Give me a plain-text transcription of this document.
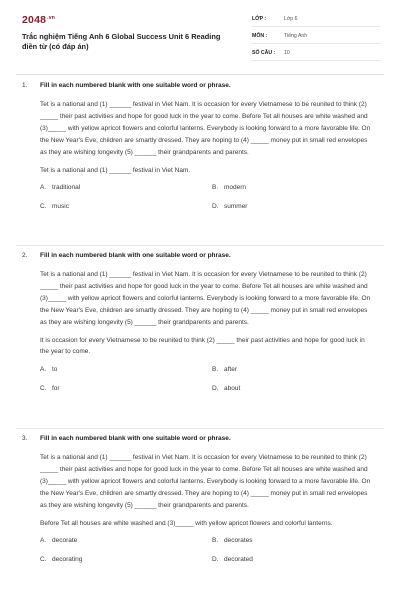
$2048^{.vn}$
Trắc nghiệm Tiếng Anh 6 Global Success Unit 6 Reading điền từ (có đáp án)
LỚP :	Lớp 6
MÔN :	Tiếng Anh
SỐ CÂU : 10
1. Fill in each numbered blank with one suitable word or phrase.
Tet is a national and (1) ______ festival in Viet Nam. It is occasion for every Vietnamese to be reunited to think (2) _____ their past activities and hope for good luck in the year to come. Before Tet all houses are white washed and (3)_____ with yellow apricot flowers and colorful lanterns. Everybody is looking forward to a more favorable life. On the New Year's Eve, children are smartly dressed. They are hoping to (4) _____ money put in small red envelopes as they are wishing longevity (5) ______ their grandparents and parents.
Tet is a national and (1) ______ festival in Viet Nam.
A. traditional	B. modern
C. music	D. summer
2. Fill in each numbered blank with one suitable word or phrase.
Tet is a national and (1) ______ festival in Viet Nam. It is occasion for every Vietnamese to be reunited to think (2) _____ their past activities and hope for good luck in the year to come. Before Tet all houses are white washed and (3)_____ with yellow apricot flowers and colorful lanterns. Everybody is looking forward to a more favorable life. On the New Year's Eve, children are smartly dressed. They are hoping to (4) _____ money put in small red envelopes as they are wishing longevity (5) ______ their grandparents and parents.
It is occasion for every Vietnamese to be reunited to think (2) _____ their past activities and hope for good luck in the year to come.
A. to	B. after
C. for	D. about
3. Fill in each numbered blank with one suitable word or phrase.
Tet is a national and (1) ______ festival in Viet Nam. It is occasion for every Vietnamese to be reunited to think (2) _____ their past activities and hope for good luck in the year to come. Before Tet all houses are white washed and (3)_____ with yellow apricot flowers and colorful lanterns. Everybody is looking forward to a more favorable life. On the New Year's Eve, children are smartly dressed. They are hoping to (4) _____ money put in small red envelopes as they are wishing longevity (5) ______ their grandparents and parents.
Before Tet all houses are white washed and (3)_____ with yellow apricot flowers and colorful lanterns.
A. decorate	B. decorates
C. decorating	D. decorated
